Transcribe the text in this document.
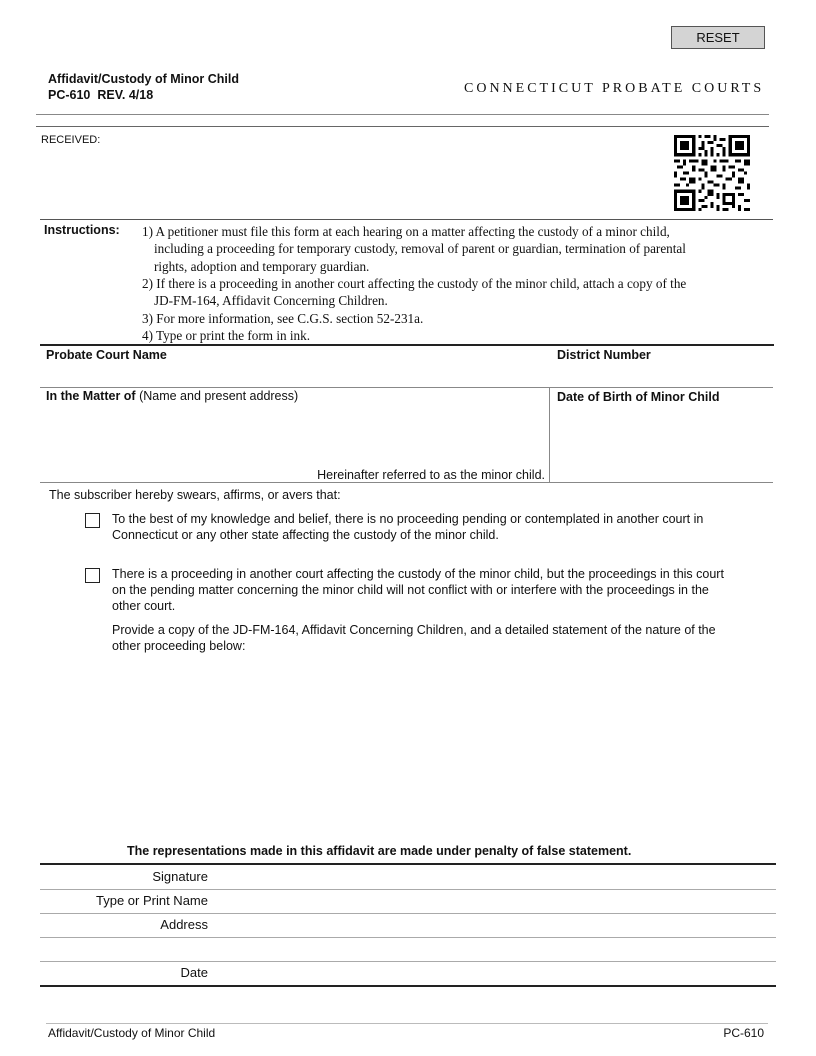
RESET
Affidavit/Custody of Minor Child
PC-610  REV. 4/18	CONNECTICUT PROBATE COURTS
RECEIVED:
Instructions: 1) A petitioner must file this form at each hearing on a matter affecting the custody of a minor child,
including a proceeding for temporary custody, removal of parent or guardian, termination of parental
rights, adoption and temporary guardian.
2) If there is a proceeding in another court affecting the custody of the minor child, attach a copy of the
JD-FM-164, Affidavit Concerning Children.
3) For more information, see C.G.S. section 52-231a.
4) Type or print the form in ink.
Probate Court Name	District Number
In the Matter of (Name and present address)
Hereinafter referred to as the minor child.
Date of Birth of Minor Child
The subscriber hereby swears, affirms, or avers that:
To the best of my knowledge and belief, there is no proceeding pending or contemplated in another court in
Connecticut or any other state affecting the custody of the minor child.
There is a proceeding in another court affecting the custody of the minor child, but the proceedings in this court
on the pending matter concerning the minor child will not conflict with or interfere with the proceedings in the
other court.
Provide a copy of the JD-FM-164, Affidavit Concerning Children, and a detailed statement of the nature of the
other proceeding below:
The representations made in this affidavit are made under penalty of false statement.
Signature
Type or Print Name
Address
Date
Affidavit/Custody of Minor Child	PC-610
